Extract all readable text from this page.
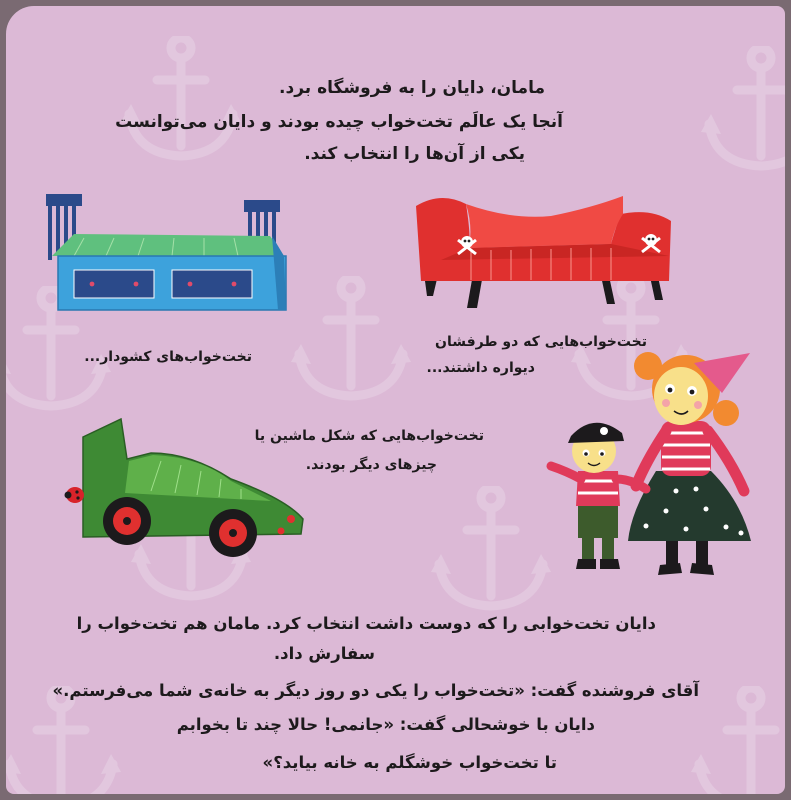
مامان، دایان را به فروشگاه برد.
آنجا یک عالَم تخت‌خواب چیده بودند و دایان می‌توانست
یکی از آن‌ها را انتخاب کند.
تخت‌خواب‌هایی که دو طرفشان
دیواره داشتند...
تخت‌خواب‌های کشودار...
تخت‌خواب‌هایی که شکل ماشین یا
چیزهای دیگر بودند.
دایان تخت‌خوابی را که دوست داشت انتخاب کرد. مامان هم تخت‌خواب را
سفارش داد.
آقای فروشنده گفت: «تخت‌خواب را یکی دو روز دیگر به خانه‌ی شما می‌فرستم.»
دایان با خوشحالی گفت: «جانمی! حالا چند تا بخوابم
تا تخت‌خواب خوشگلم به خانه بیاید؟»
